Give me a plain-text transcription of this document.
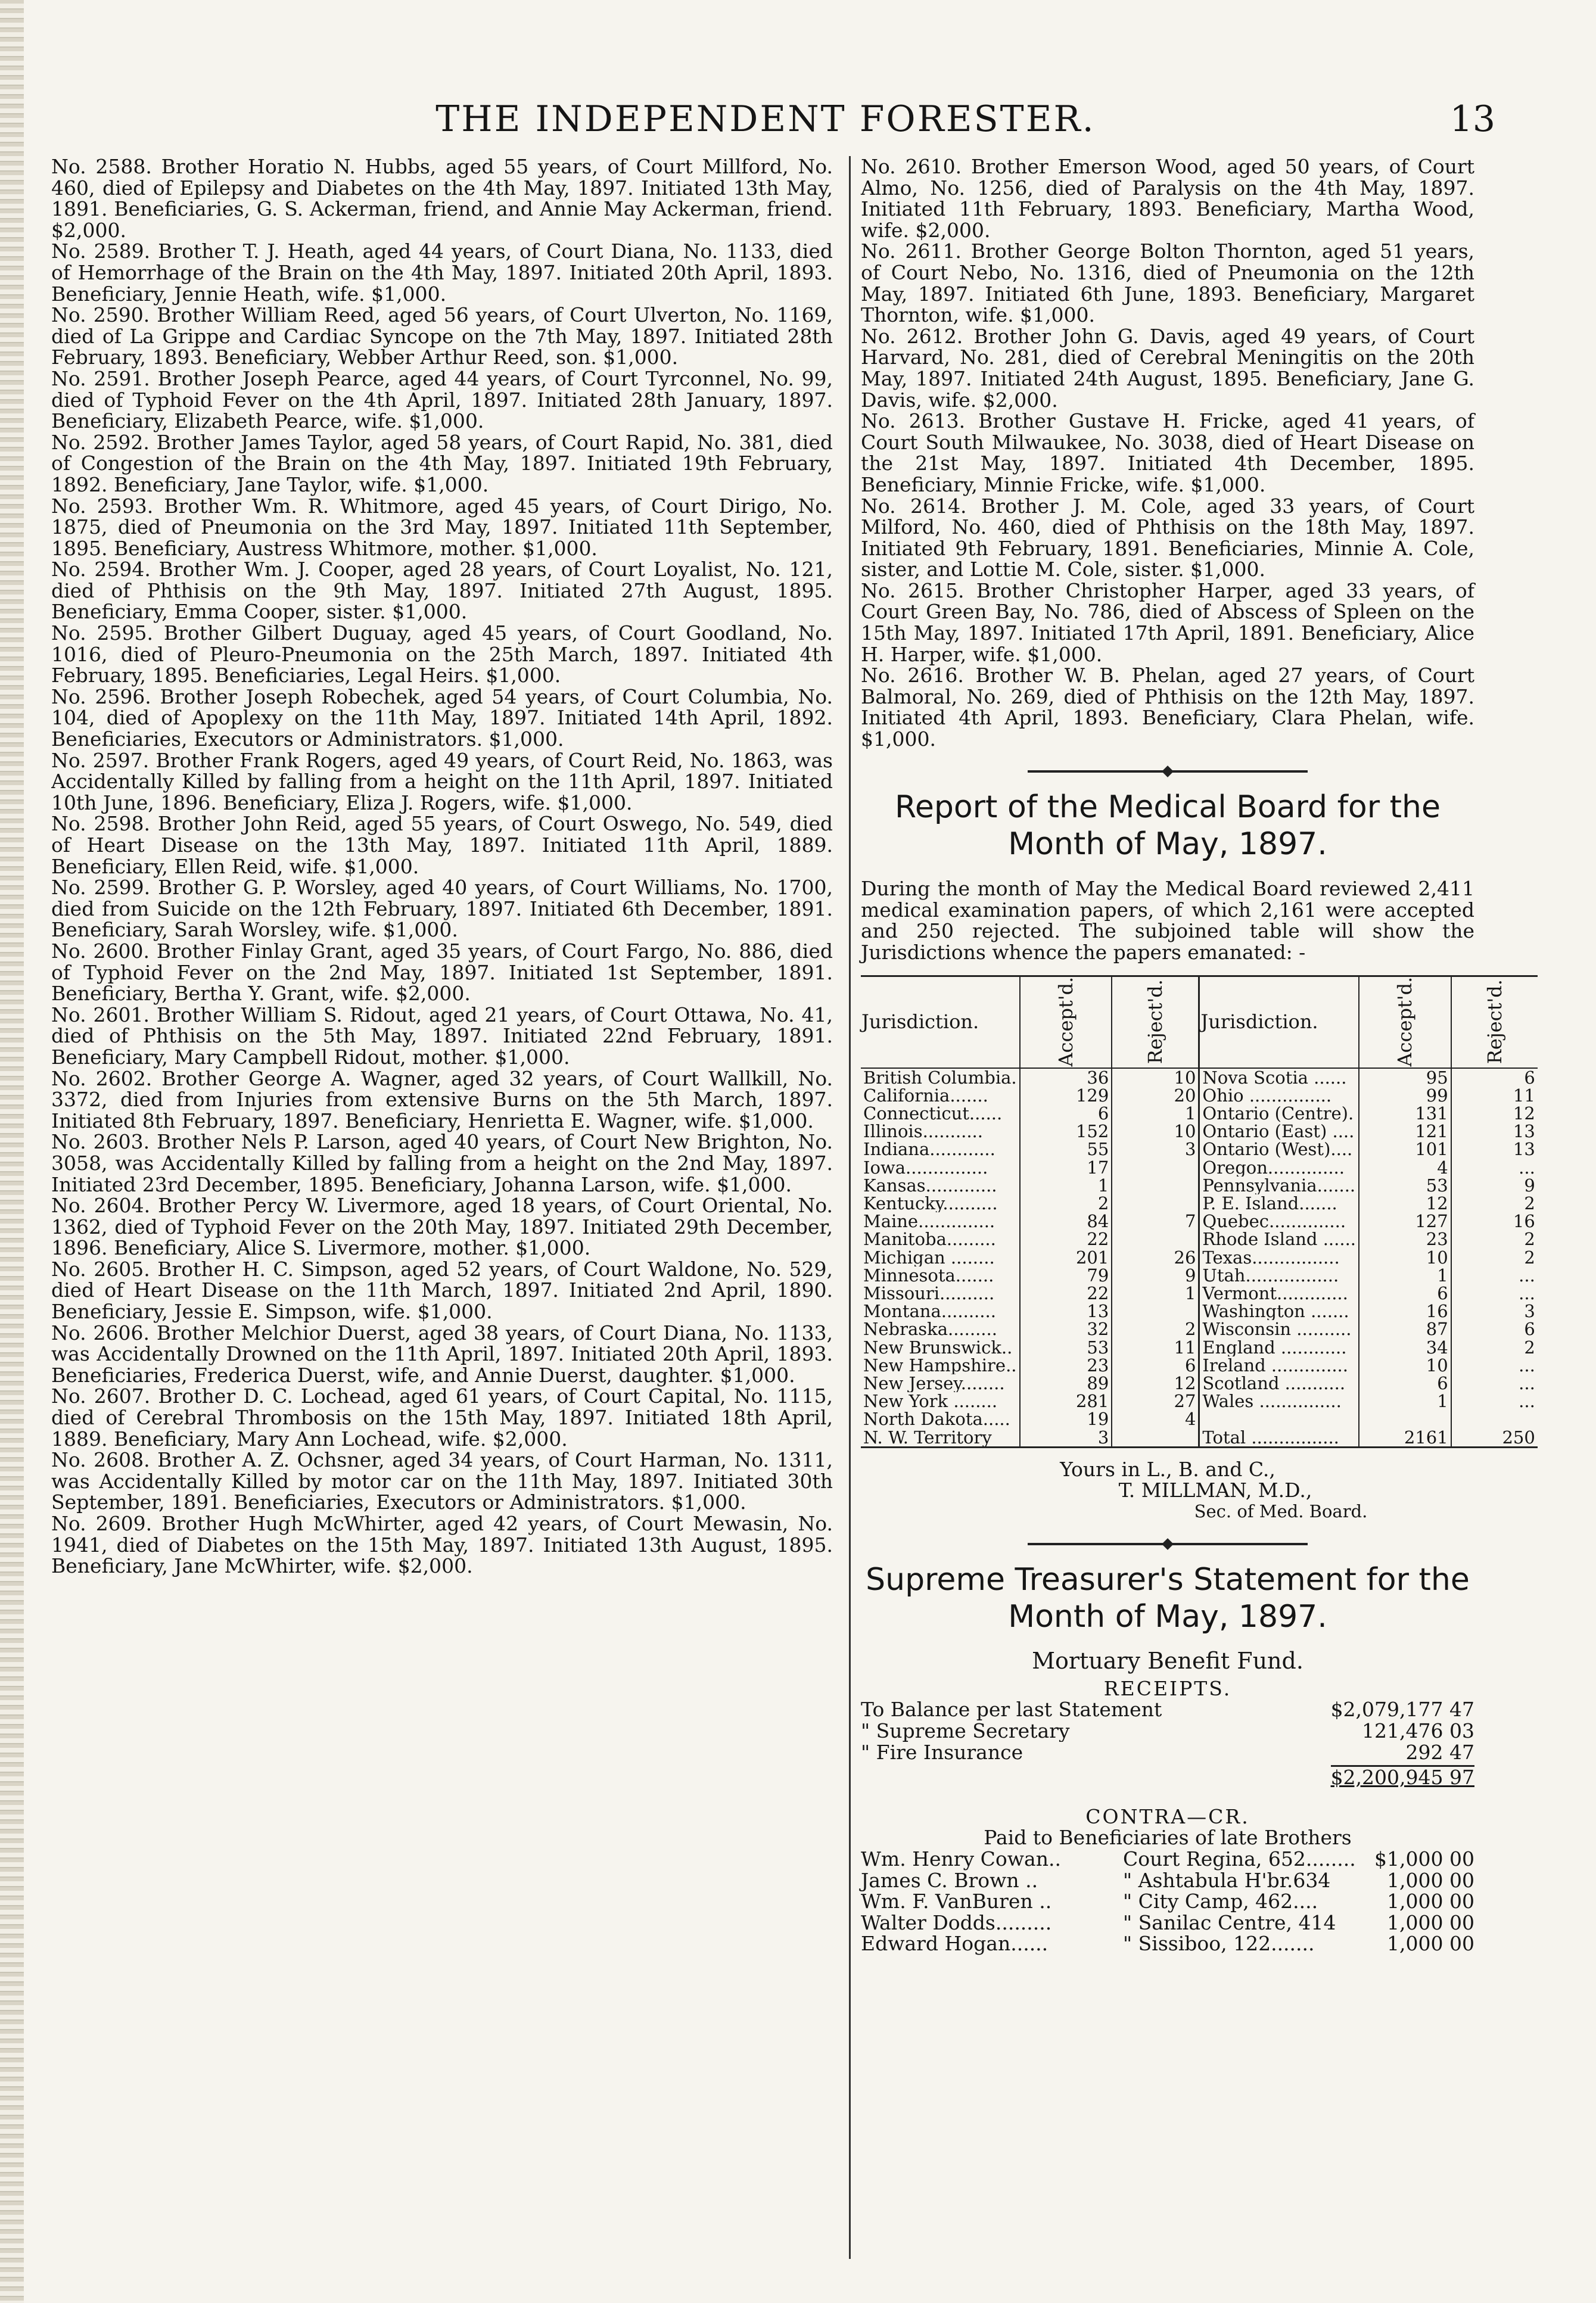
THE INDEPENDENT FORESTER.	13

No. 2588. Brother Horatio N. Hubbs, aged 55 years, of Court Millford, No. 460, died of Epilepsy and Diabetes on the 4th May, 1897. Initiated 13th May, 1891. Beneficiaries, G. S. Ackerman, friend, and Annie May Ackerman, friend. $2,000.

No. 2589. Brother T. J. Heath, aged 44 years, of Court Diana, No. 1133, died of Hemorrhage of the Brain on the 4th May, 1897. Initiated 20th April, 1893. Beneficiary, Jennie Heath, wife. $1,000.

No. 2590. Brother William Reed, aged 56 years, of Court Ulverton, No. 1169, died of La Grippe and Cardiac Syncope on the 7th May, 1897. Initiated 28th February, 1893. Beneficiary, Webber Arthur Reed, son. $1,000.

No. 2591. Brother Joseph Pearce, aged 44 years, of Court Tyrconnel, No. 99, died of Typhoid Fever on the 4th April, 1897. Initiated 28th January, 1897. Beneficiary, Elizabeth Pearce, wife. $1,000.

No. 2592. Brother James Taylor, aged 58 years, of Court Rapid, No. 381, died of Congestion of the Brain on the 4th May, 1897. Initiated 19th February, 1892. Beneficiary, Jane Taylor, wife. $1,000.

No. 2593. Brother Wm. R. Whitmore, aged 45 years, of Court Dirigo, No. 1875, died of Pneumonia on the 3rd May, 1897. Initiated 11th September, 1895. Beneficiary, Austress Whitmore, mother. $1,000.

No. 2594. Brother Wm. J. Cooper, aged 28 years, of Court Loyalist, No. 121, died of Phthisis on the 9th May, 1897. Initiated 27th August, 1895. Beneficiary, Emma Cooper, sister. $1,000.

No. 2595. Brother Gilbert Duguay, aged 45 years, of Court Goodland, No. 1016, died of Pleuro-Pneumonia on the 25th March, 1897. Initiated 4th February, 1895. Beneficiaries, Legal Heirs. $1,000.

No. 2596. Brother Joseph Robechek, aged 54 years, of Court Columbia, No. 104, died of Apoplexy on the 11th May, 1897. Initiated 14th April, 1892. Beneficiaries, Executors or Administrators. $1,000.

No. 2597. Brother Frank Rogers, aged 49 years, of Court Reid, No. 1863, was Accidentally Killed by falling from a height on the 11th April, 1897. Initiated 10th June, 1896. Beneficiary, Eliza J. Rogers, wife. $1,000.

No. 2598. Brother John Reid, aged 55 years, of Court Oswego, No. 549, died of Heart Disease on the 13th May, 1897. Initiated 11th April, 1889. Beneficiary, Ellen Reid, wife. $1,000.

No. 2599. Brother G. P. Worsley, aged 40 years, of Court Williams, No. 1700, died from Suicide on the 12th February, 1897. Initiated 6th December, 1891. Beneficiary, Sarah Worsley, wife. $1,000.

No. 2600. Brother Finlay Grant, aged 35 years, of Court Fargo, No. 886, died of Typhoid Fever on the 2nd May, 1897. Initiated 1st September, 1891. Beneficiary, Bertha Y. Grant, wife. $2,000.

No. 2601. Brother William S. Ridout, aged 21 years, of Court Ottawa, No. 41, died of Phthisis on the 5th May, 1897. Initiated 22nd February, 1891. Beneficiary, Mary Campbell Ridout, mother. $1,000.

No. 2602. Brother George A. Wagner, aged 32 years, of Court Wallkill, No. 3372, died from Injuries from extensive Burns on the 5th March, 1897. Initiated 8th February, 1897. Beneficiary, Henrietta E. Wagner, wife. $1,000.

No. 2603. Brother Nels P. Larson, aged 40 years, of Court New Brighton, No. 3058, was Accidentally Killed by falling from a height on the 2nd May, 1897. Initiated 23rd December, 1895. Beneficiary, Johanna Larson, wife. $1,000.

No. 2604. Brother Percy W. Livermore, aged 18 years, of Court Oriental, No. 1362, died of Typhoid Fever on the 20th May, 1897. Initiated 29th December, 1896. Beneficiary, Alice S. Livermore, mother. $1,000.

No. 2605. Brother H. C. Simpson, aged 52 years, of Court Waldone, No. 529, died of Heart Disease on the 11th March, 1897. Initiated 2nd April, 1890. Beneficiary, Jessie E. Simpson, wife. $1,000.

No. 2606. Brother Melchior Duerst, aged 38 years, of Court Diana, No. 1133, was Accidentally Drowned on the 11th April, 1897. Initiated 20th April, 1893. Beneficiaries, Frederica Duerst, wife, and Annie Duerst, daughter. $1,000.

No. 2607. Brother D. C. Lochead, aged 61 years, of Court Capital, No. 1115, died of Cerebral Thrombosis on the 15th May, 1897. Initiated 18th April, 1889. Beneficiary, Mary Ann Lochead, wife. $2,000.

No. 2608. Brother A. Z. Ochsner, aged 34 years, of Court Harman, No. 1311, was Accidentally Killed by motor car on the 11th May, 1897. Initiated 30th September, 1891. Beneficiaries, Executors or Administrators. $1,000.

No. 2609. Brother Hugh McWhirter, aged 42 years, of Court Mewasin, No. 1941, died of Diabetes on the 15th May, 1897. Initiated 13th August, 1895. Beneficiary, Jane McWhirter, wife. $2,000.

No. 2610. Brother Emerson Wood, aged 50 years, of Court Almo, No. 1256, died of Paralysis on the 4th May, 1897. Initiated 11th February, 1893. Beneficiary, Martha Wood, wife. $2,000.

No. 2611. Brother George Bolton Thornton, aged 51 years, of Court Nebo, No. 1316, died of Pneumonia on the 12th May, 1897. Initiated 6th June, 1893. Beneficiary, Margaret Thornton, wife. $1,000.

No. 2612. Brother John G. Davis, aged 49 years, of Court Harvard, No. 281, died of Cerebral Meningitis on the 20th May, 1897. Initiated 24th August, 1895. Beneficiary, Jane G. Davis, wife. $2,000.

No. 2613. Brother Gustave H. Fricke, aged 41 years, of Court South Milwaukee, No. 3038, died of Heart Disease on the 21st May, 1897. Initiated 4th December, 1895. Beneficiary, Minnie Fricke, wife. $1,000.

No. 2614. Brother J. M. Cole, aged 33 years, of Court Milford, No. 460, died of Phthisis on the 18th May, 1897. Initiated 9th February, 1891. Beneficiaries, Minnie A. Cole, sister, and Lottie M. Cole, sister. $1,000.

No. 2615. Brother Christopher Harper, aged 33 years, of Court Green Bay, No. 786, died of Abscess of Spleen on the 15th May, 1897. Initiated 17th April, 1891. Beneficiary, Alice H. Harper, wife. $1,000.

No. 2616. Brother W. B. Phelan, aged 27 years, of Court Balmoral, No. 269, died of Phthisis on the 12th May, 1897. Initiated 4th April, 1893. Beneficiary, Clara Phelan, wife. $1,000.

Report of the Medical Board for the Month of May, 1897.

During the month of May the Medical Board reviewed 2,411 medical examination papers, of which 2,161 were accepted and 250 rejected. The subjoined table will show the Jurisdictions whence the papers emanated: -

Jurisdiction.	Accept'd.	Reject'd.	Jurisdiction.	Accept'd.	Reject'd.

British Columbia.	36	10	Nova Scotia ......	95	6
California.......	129	20	Ohio ...............	99	11
Connecticut......	6	1	Ontario (Centre).	131	12
Illinois...........	152	10	Ontario (East) ....	121	13
Indiana............	55	3	Ontario (West)....	101	13
Iowa...............	17		Oregon..............	4	...
Kansas.............	1		Pennsylvania.......	53	9
Kentucky..........	2		P. E. Island.......	12	2
Maine..............	84	7	Quebec..............	127	16
Manitoba.........	22		Rhode Island ......	23	2
Michigan ........	201	26	Texas................	10	2
Minnesota.......	79	9	Utah.................	1	...
Missouri..........	22	1	Vermont.............	6	...
Montana..........	13		Washington .......	16	3
Nebraska.........	32	2	Wisconsin ..........	87	6
New Brunswick..	53	11	England ............	34	2
New Hampshire..	23	6	Ireland ..............	10	...
New Jersey........	89	12	Scotland ...........	6	...
New York ........	281	27	Wales ...............	1	...
North Dakota.....	19	4			
N. W. Territory	3		Total ................	2161	250
Yours in L., B. and C.,
T. MILLMAN, M.D.,
Sec. of Med. Board.
Supreme Treasurer's Statement for the Month of May, 1897.
Mortuary Benefit Fund.
RECEIPTS.
To Balance per last Statement	$2,079,177 47
" Supreme Secretary	121,476 03
" Fire Insurance	292 47
$2,200,945 97
CONTRA—CR.
Paid to Beneficiaries of late Brothers
Wm. Henry Cowan..	Court Regina, 652........ $1,000 00
James C. Brown ..	" Ashtabula H'br.634	1,000 00
Wm. F. VanBuren ..	" City Camp, 462....	1,000 00
Walter Dodds.........	" Sanilac Centre, 414	1,000 00
Edward Hogan......	" Sissiboo, 122.......	1,000 00
